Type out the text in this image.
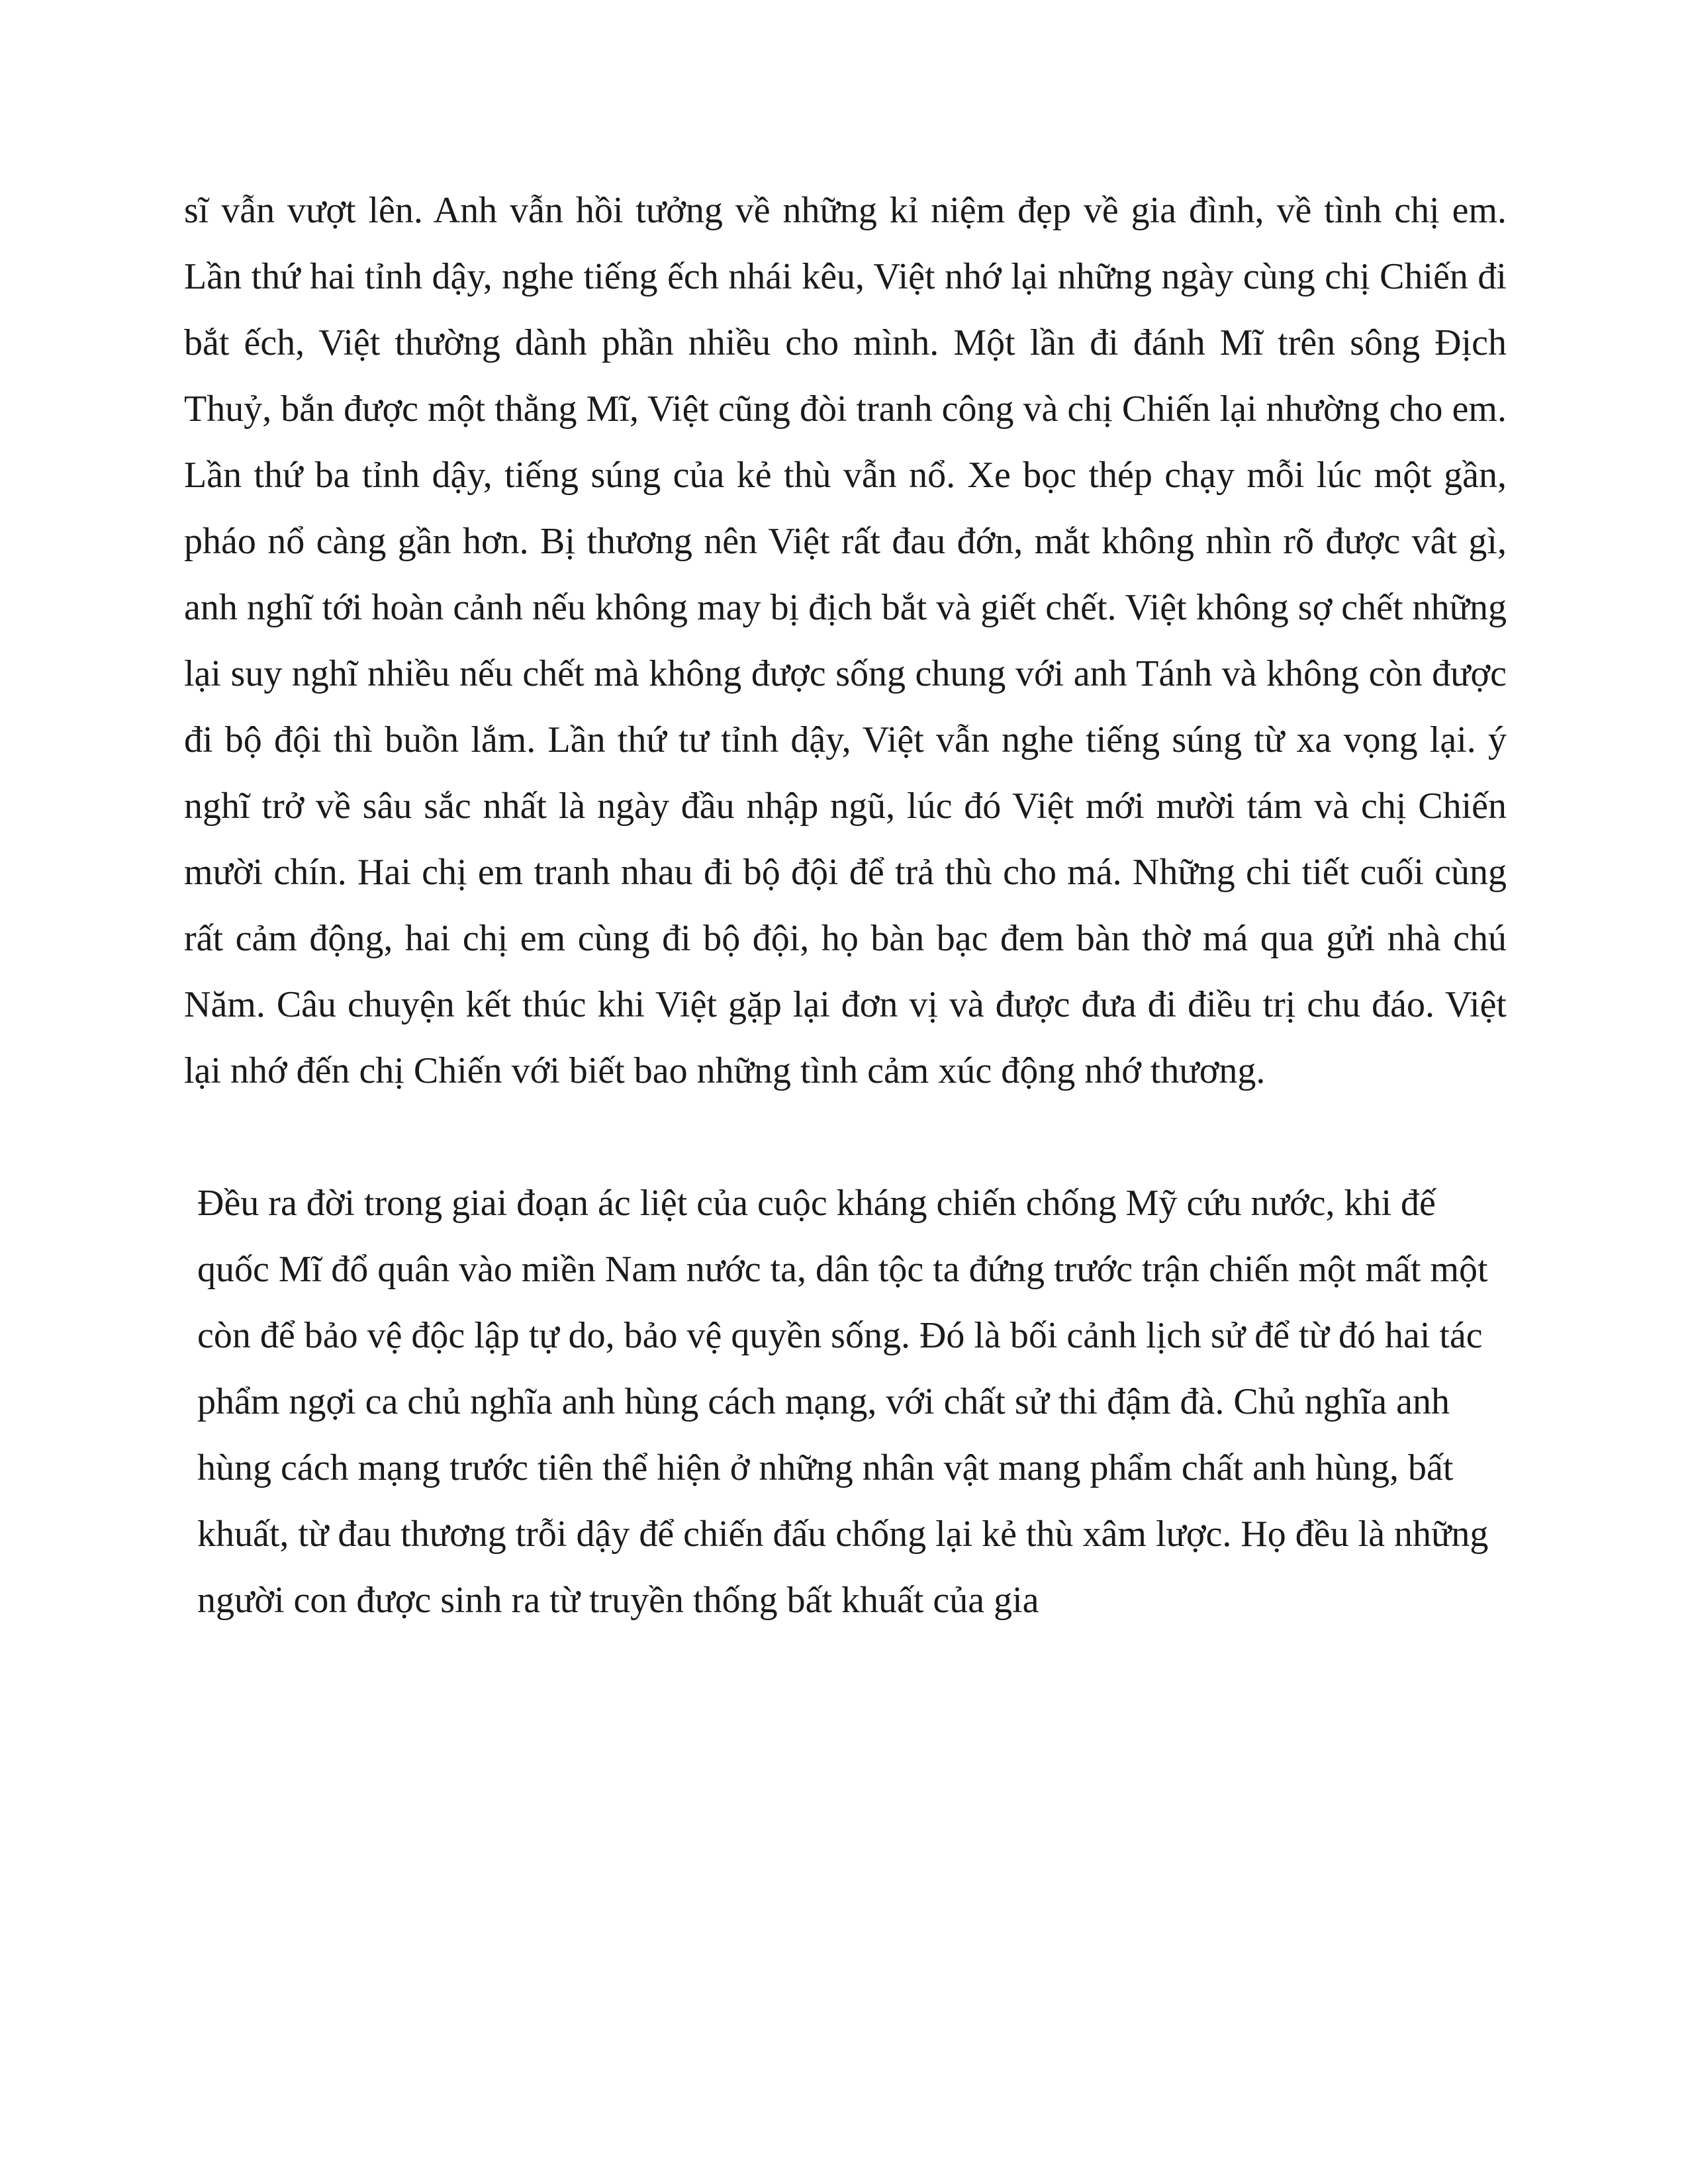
sĩ vẫn vượt lên. Anh vẫn hồi tưởng về những kỉ niệm đẹp về gia đình, về tình chị em. Lần thứ hai tỉnh dậy, nghe tiếng ếch nhái kêu, Việt nhớ lại những ngày cùng chị Chiến đi bắt ếch, Việt thường dành phần nhiều cho mình. Một lần đi đánh Mĩ trên sông Địch Thuỷ, bắn được một thằng Mĩ, Việt cũng đòi tranh công và chị Chiến lại nhường cho em. Lần thứ ba tỉnh dậy, tiếng súng của kẻ thù vẫn nổ. Xe bọc thép chạy mỗi lúc một gần, pháo nổ càng gần hơn. Bị thương nên Việt rất đau đớn, mắt không nhìn rõ được vât gì, anh nghĩ tới hoàn cảnh nếu không may bị địch bắt và giết chết. Việt không sợ chết những lại suy nghĩ nhiều nếu chết mà không được sống chung với anh Tánh và không còn được đi bộ đội thì buồn lắm. Lần thứ tư tỉnh dậy, Việt vẫn nghe tiếng súng từ xa vọng lại. ý nghĩ trở về sâu sắc nhất là ngày đầu nhập ngũ, lúc đó Việt mới mười tám và chị Chiến mười chín. Hai chị em tranh nhau đi bộ đội để trả thù cho má. Những chi tiết cuối cùng rất cảm động, hai chị em cùng đi bộ đội, họ bàn bạc đem bàn thờ má qua gửi nhà chú Năm. Câu chuyện kết thúc khi Việt gặp lại đơn vị và được đưa đi điều trị chu đáo. Việt lại nhớ đến chị Chiến với biết bao những tình cảm xúc động nhớ thương.

Đều ra đời trong giai đoạn ác liệt của cuộc kháng chiến chống Mỹ cứu nước, khi đế quốc Mĩ đổ quân vào miền Nam nước ta, dân tộc ta đứng trước trận chiến một mất một còn để bảo vệ độc lập tự do, bảo vệ quyền sống. Đó là bối cảnh lịch sử để từ đó hai tác phẩm ngợi ca chủ nghĩa anh hùng cách mạng, với chất sử thi đậm đà. Chủ nghĩa anh hùng cách mạng trước tiên thể hiện ở những nhân vật mang phẩm chất anh hùng, bất khuất, từ đau thương trỗi dậy để chiến đấu chống lại kẻ thù xâm lược. Họ đều là những người con được sinh ra từ truyền thống bất khuất của gia
